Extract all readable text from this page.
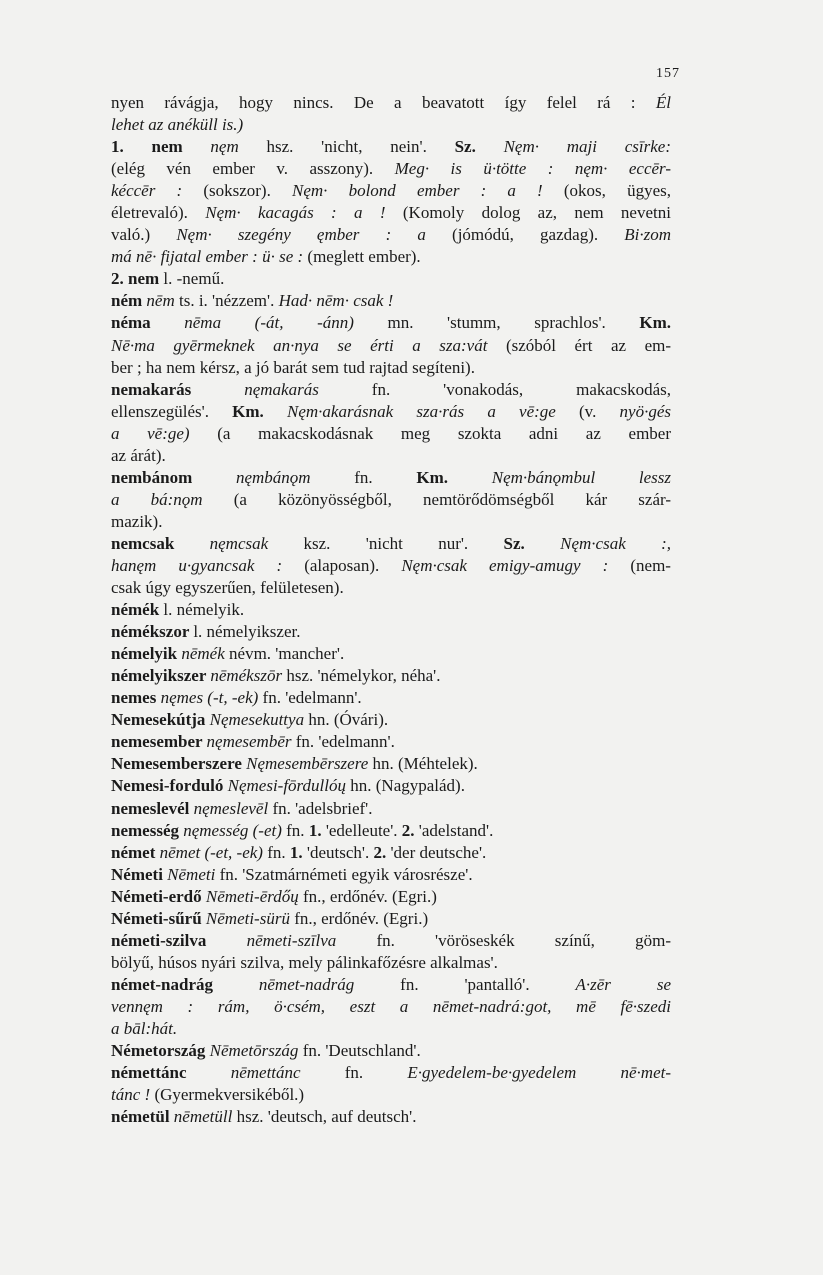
157
nyen rávágja, hogy nincs. De a beavatott így felel rá : Él
lehet az anéküll is.)
1. nem nęm hsz. 'nicht, nein'. Sz. Nęm· maji csīrke:
(elég vén ember v. asszony). Meg· is ü·tötte : nęm· eccēr-
kéccēr : (sokszor). Nęm· bolond ember : a ! (okos, ügyes,
életrevaló). Nęm· kacagás : a ! (Komoly dolog az, nem nevetni
való.) Nęm· szegény ęmber : a (jómódú, gazdag). Bi·zom
má nē· fijatal ember : ü· se : (meglett ember).
2. nem l. -nemű.
ném nēm ts. i. 'nézzem'. Had· nēm· csak !
néma nēma (-át, -ánn) mn. 'stumm, sprachlos'. Km.
Nē·ma gyērmeknek an·nya se érti a sza:vát (szóból ért az em-
ber ; ha nem kérsz, a jó barát sem tud rajtad segíteni).
nemakarás nęmakarás fn. 'vonakodás, makacskodás,
ellenszegülés'. Km. Nęm·akarásnak sza·rás a vē:gе (v. nyö·gés
a vē:ge) (a makacskodásnak meg szokta adni az ember
az árát).
nembánom nęmbánǫm fn. Km.	Nęm·bánǫmbul lessz
a bá:nǫm (a közönyösségből, nemtörődömségből kár szár-
mazik).
nemcsak nęmcsak ksz. 'nicht nur'. Sz. Nęm·csak :,
hanęm u·gyancsak : (alaposan). Nęm·csak emigy-amugy : (nem-
csak úgy egyszerűen, felületesen).
némék l. némelyik.
némékszor l. némelyikszer.
némelyik nēmék névm. 'mancher'.
némelyikszer nēmékszōr hsz. 'némelykor, néha'.
nemes nęmes (-t, -ek) fn. 'edelmann'.
Nemesekútja Nęmesekuttya hn. (Óvári).
nemesember nęmesembēr fn. 'edelmann'.
Nemesemberszere Nęmesembērszere hn. (Méhtelek).
Nemesi-forduló Nęmesi-fōrdullóų hn. (Nagypalád).
nemeslevél nęmeslevēl fn. 'adelsbrief'.
nemesség nęmesség (-et) fn. 1. 'edelleute'. 2. 'adelstand'.
német nēmet (-et, -ek) fn. 1. 'deutsch'. 2. 'der deutsche'.
Németi Nēmeti fn. 'Szatmárnémeti egyik városrésze'.
Németi-erdő Nēmeti-ērdőų fn., erdőnév. (Egri.)
Németi-sűrű Nēmeti-sürü fn., erdőnév. (Egri.)
németi-szilva nēmeti-szīlva fn. 'vöröseskék színű, göm-
bölyű, húsos nyári szilva, mely pálinkafőzésre alkalmas'.
német-nadrág nēmet-nadrág fn. 'pantalló'. A·zēr se
vennęm : rám, ö·csém, eszt a nēmet-nadrá:got, mē fē·szedi
a bāl:hát.
Németország Nēmetōrszág fn. 'Deutschland'.
némettánc nēmettánc fn. E·gyedelem-be·gyedelem nē·met-
tánc ! (Gyermekversikéből.)
németül nēmetüll hsz. 'deutsch, auf deutsch'.
